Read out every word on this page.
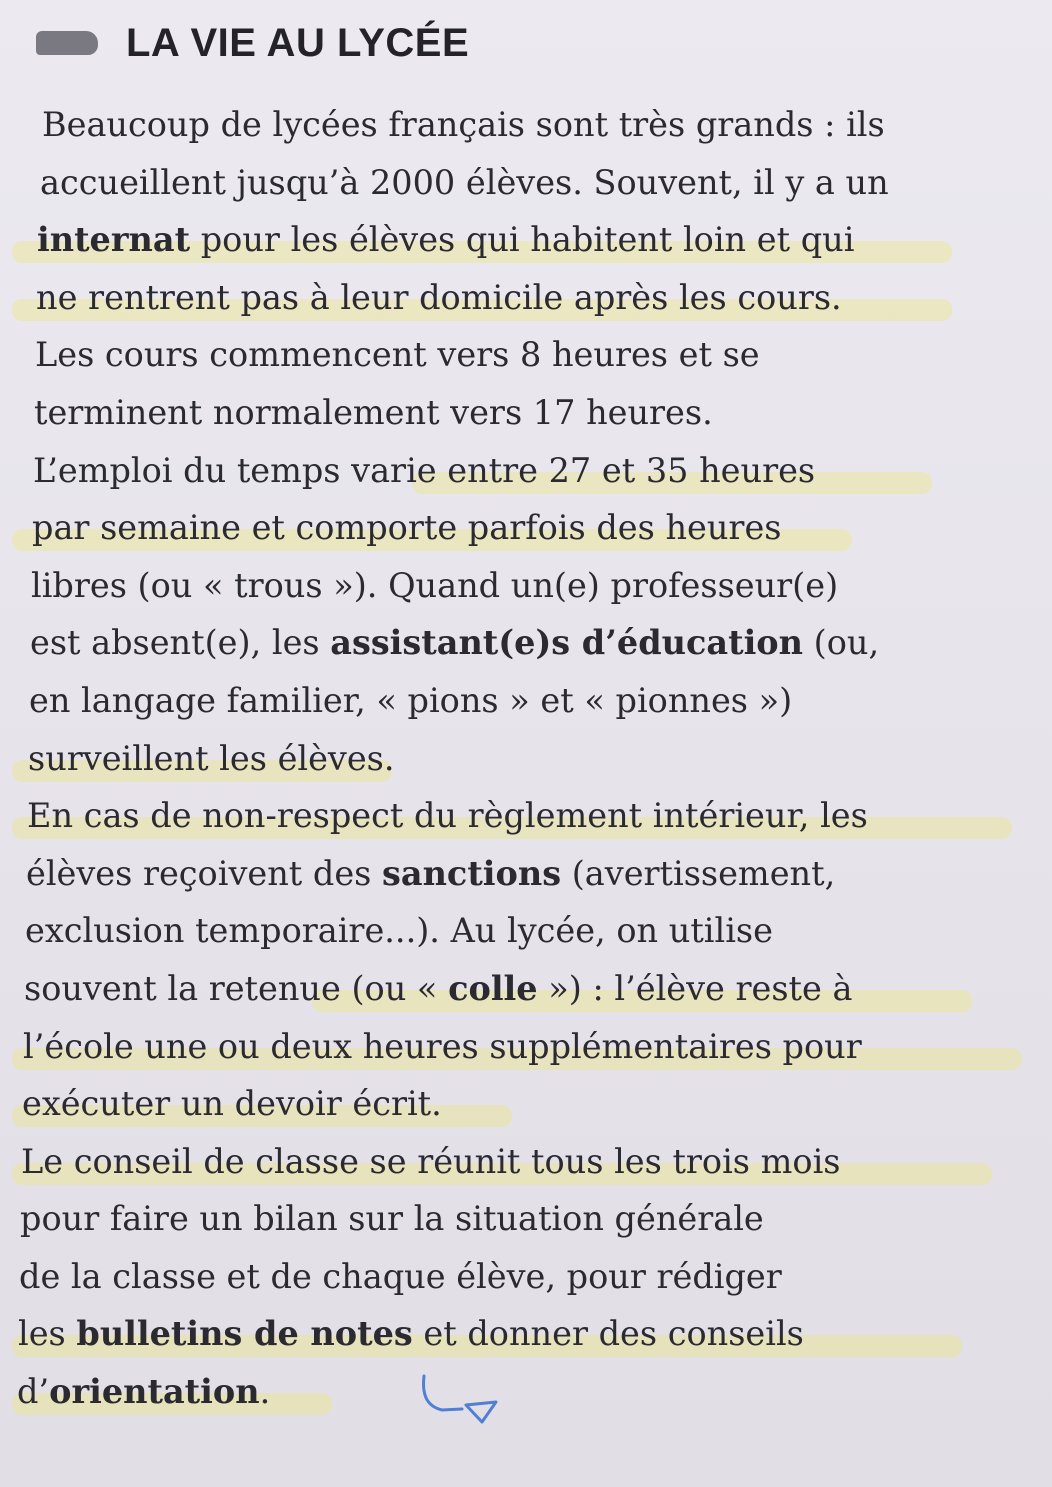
LA VIE AU LYCÉE
Beaucoup de lycées français sont très grands : ils
accueillent jusqu’à 2000 élèves. Souvent, il y a un
internat pour les élèves qui habitent loin et qui
ne rentrent pas à leur domicile après les cours.
Les cours commencent vers 8 heures et se
terminent normalement vers 17 heures.
L’emploi du temps varie entre 27 et 35 heures
par semaine et comporte parfois des heures
libres (ou « trous »). Quand un(e) professeur(e)
est absent(e), les assistant(e)s d’éducation (ou,
en langage familier, « pions » et « pionnes »)
surveillent les élèves.
En cas de non-respect du règlement intérieur, les
élèves reçoivent des sanctions (avertissement,
exclusion temporaire...). Au lycée, on utilise
souvent la retenue (ou « colle ») : l’élève reste à
l’école une ou deux heures supplémentaires pour
exécuter un devoir écrit.
Le conseil de classe se réunit tous les trois mois
pour faire un bilan sur la situation générale
de la classe et de chaque élève, pour rédiger
les bulletins de notes et donner des conseils
d’orientation.
